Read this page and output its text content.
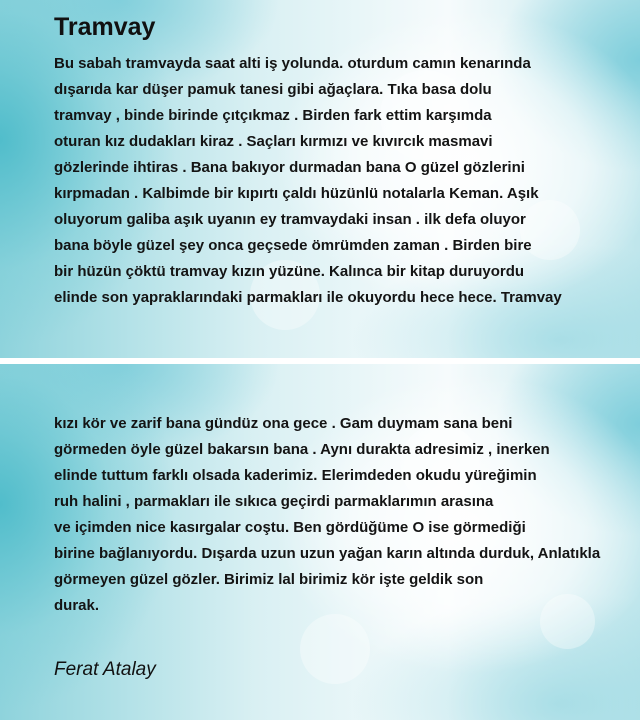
Tramvay
Bu sabah tramvayda saat alti iş yolunda. oturdum camın kenarında
dışarıda kar düşer pamuk tanesi gibi ağaçlara. Tıka basa dolu
tramvay , binde birinde çıtçıkmaz . Birden fark ettim karşımda
oturan kız dudakları kiraz . Saçları kırmızı ve kıvırcık masmavi
gözlerinde ihtiras . Bana bakıyor durmadan bana O güzel gözlerini
kırpmadan . Kalbimde bir kıpırtı çaldı hüzünlü notalarla Keman. Aşık
oluyorum galiba aşık uyanın ey tramvaydaki insan . ilk defa oluyor
bana böyle güzel şey onca geçsede ömrümden zaman . Birden bire
bir hüzün çöktü tramvay kızın yüzüne. Kalınca bir kitap duruyordu
elinde son yapraklarındaki parmakları ile okuyordu hece hece. Tramvay
kızı kör ve zarif bana gündüz ona gece . Gam duymam sana beni
görmeden öyle güzel bakarsın bana . Aynı durakta adresimiz , inerken
elinde tuttum farklı olsada kaderimiz. Elerimdeden okudu yüreğimin
ruh halini , parmakları ile sıkıca geçirdi parmaklarımın arasına
ve içimden nice kasırgalar coştu. Ben gördüğüme O ise görmediği
birine bağlanıyordu. Dışarda uzun uzun yağan karın altında durduk, Anlatıkla
görmeyen güzel gözler. Birimiz lal birimiz kör işte geldik son
durak.
Ferat Atalay
